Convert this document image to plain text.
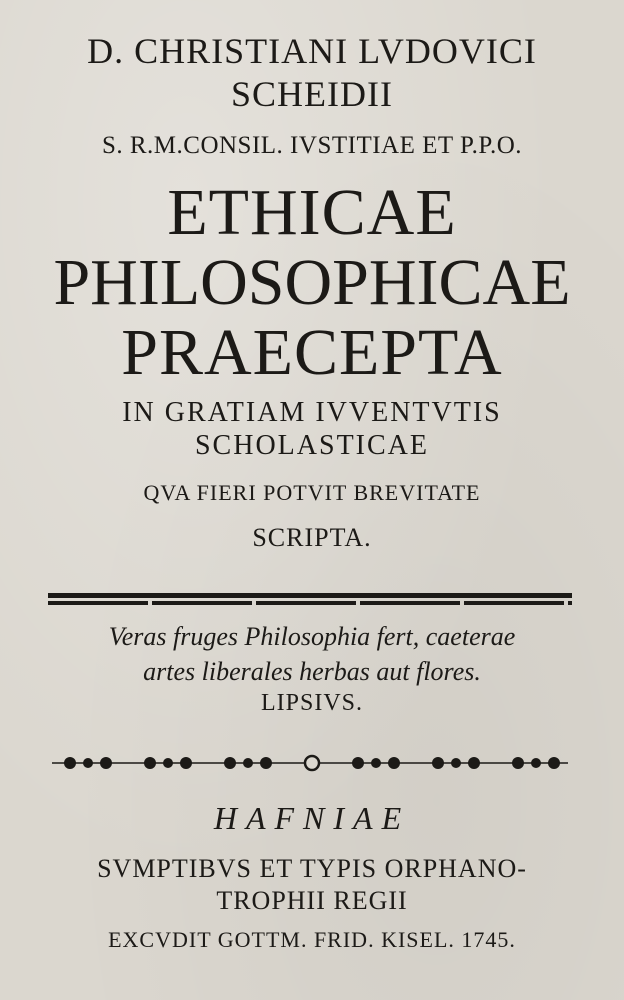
D. CHRISTIANI LVDOVICI
SCHEIDII
S. R.M.CONSIL. IVSTITIAE ET P.P.O.
ETHICAE
PHILOSOPHICAE
PRAECEPTA
IN GRATIAM IVVENTVTIS
SCHOLASTICAE
QVA FIERI POTVIT BREVITATE
SCRIPTA.
Veras fruges Philosophia fert, caeterae
artes liberales herbas aut flores.
LIPSIVS.
HAFNIAE
SVMPTIBVS ET TYPIS ORPHANO-
TROPHII REGII
EXCVDIT GOTTM. FRID. KISEL. 1745.
